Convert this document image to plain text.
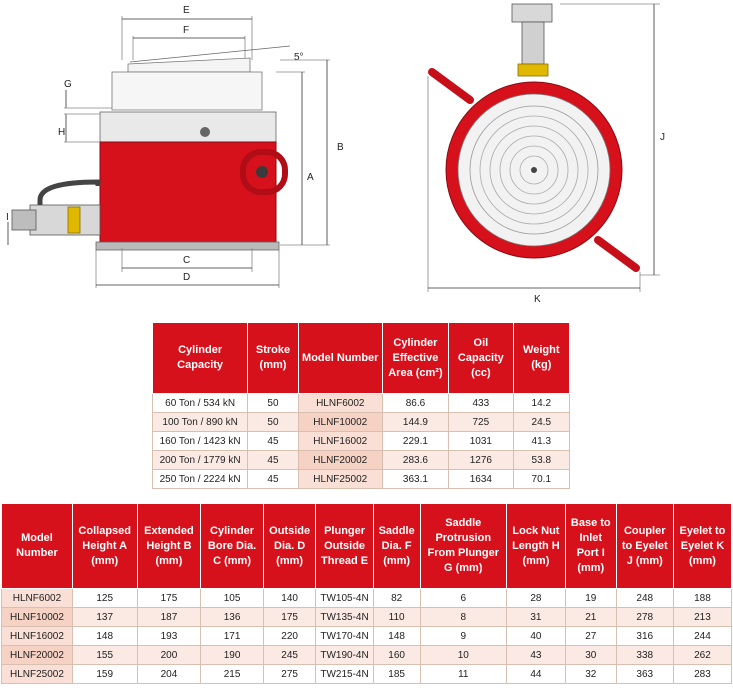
E
F
5°
G
H
I
A
B
C
D
J
K
Cylinder Capacity	Stroke (mm)	Model Number	Cylinder Effective Area (cm²)	Oil Capacity (cc)	Weight (kg)
60 Ton / 534 kN	50	HLNF6002	86.6	433	14.2
100 Ton / 890 kN	50	HLNF10002	144.9	725	24.5
160 Ton / 1423 kN	45	HLNF16002	229.1	1031	41.3
200 Ton / 1779 kN	45	HLNF20002	283.6	1276	53.8
250 Ton / 2224 kN	45	HLNF25002	363.1	1634	70.1
Model Number	Collapsed Height A (mm)	Extended Height B (mm)	Cylinder Bore Dia. C (mm)	Outside Dia. D (mm)	Plunger Outside Thread E	Saddle Dia. F (mm)	Saddle Protrusion From Plunger G (mm)	Lock Nut Length H (mm)	Base to Inlet Port I (mm)	Coupler to Eyelet J (mm)	Eyelet to Eyelet K (mm)
HLNF6002	125	175	105	140	TW105-4N	82	6	28	19	248	188
HLNF10002	137	187	136	175	TW135-4N	110	8	31	21	278	213
HLNF16002	148	193	171	220	TW170-4N	148	9	40	27	316	244
HLNF20002	155	200	190	245	TW190-4N	160	10	43	30	338	262
HLNF25002	159	204	215	275	TW215-4N	185	11	44	32	363	283
